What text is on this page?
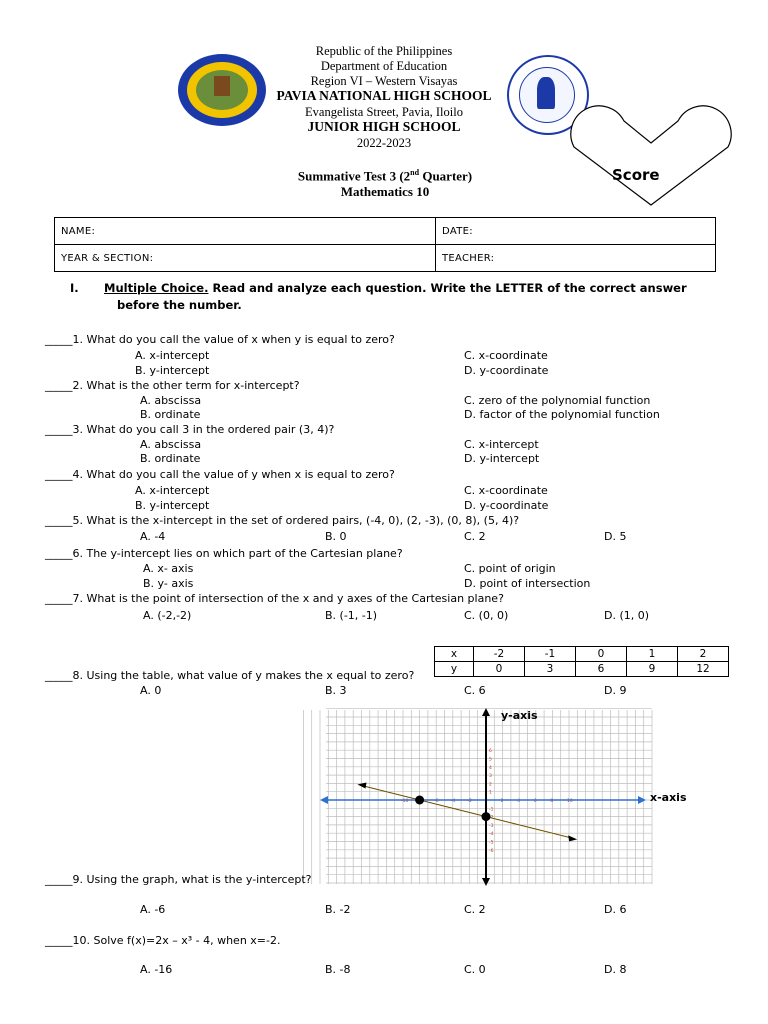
Republic of the Philippines
Department of Education
Region VI – Western Visayas
PAVIA NATIONAL HIGH SCHOOL
Evangelista Street, Pavia, Iloilo
JUNIOR HIGH SCHOOL
2022-2023
Score
Summative Test 3 (2nd Quarter)
Mathematics 10
NAME:	DATE:
YEAR & SECTION:	TEACHER:
I. Multiple Choice. Read and analyze each question. Write the LETTER of the correct answer
before the number.
_____1. What do you call the value of x when y is equal to zero?
A. x-intercept	C. x-coordinate
B. y-intercept	D. y-coordinate
_____2. What is the other term for x-intercept?
A. abscissa	C. zero of the polynomial function
B. ordinate	D. factor of the polynomial function
_____3. What do you call 3 in the ordered pair (3, 4)?
A. abscissa	C. x-intercept
B. ordinate	D. y-intercept
_____4. What do you call the value of y when x is equal to zero?
A. x-intercept	C. x-coordinate
B. y-intercept	D. y-coordinate
_____5. What is the x-intercept in the set of ordered pairs, (-4, 0), (2, -3), (0, 8), (5, 4)?
A. -4	B. 0	C. 2	D. 5
_____6. The y-intercept lies on which part of the Cartesian plane?
A. x- axis	C. point of origin
B. y- axis	D. point of intersection
_____7. What is the point of intersection of the x and y axes of the Cartesian plane?
A. (-2,-2)	B. (-1, -1)	C. (0, 0)	D. (1, 0)
x	-2	-1	0	1	2
y	0	3	6	9	12
_____8. Using the table, what value of y makes the x equal to zero?
A. 0	B. 3	C. 6	D. 9
-6
-5
-4
-3
-1
1
2
3
4
5
6
-10	-6	-4	-2	2	4	6	8	10
y-axis
x-axis
_____9. Using the graph, what is the y-intercept?
A. -6	B. -2	C. 2	D. 6
_____10. Solve f(x)=2x – x³ - 4, when x=-2.
A. -16	B. -8	C. 0	D. 8
